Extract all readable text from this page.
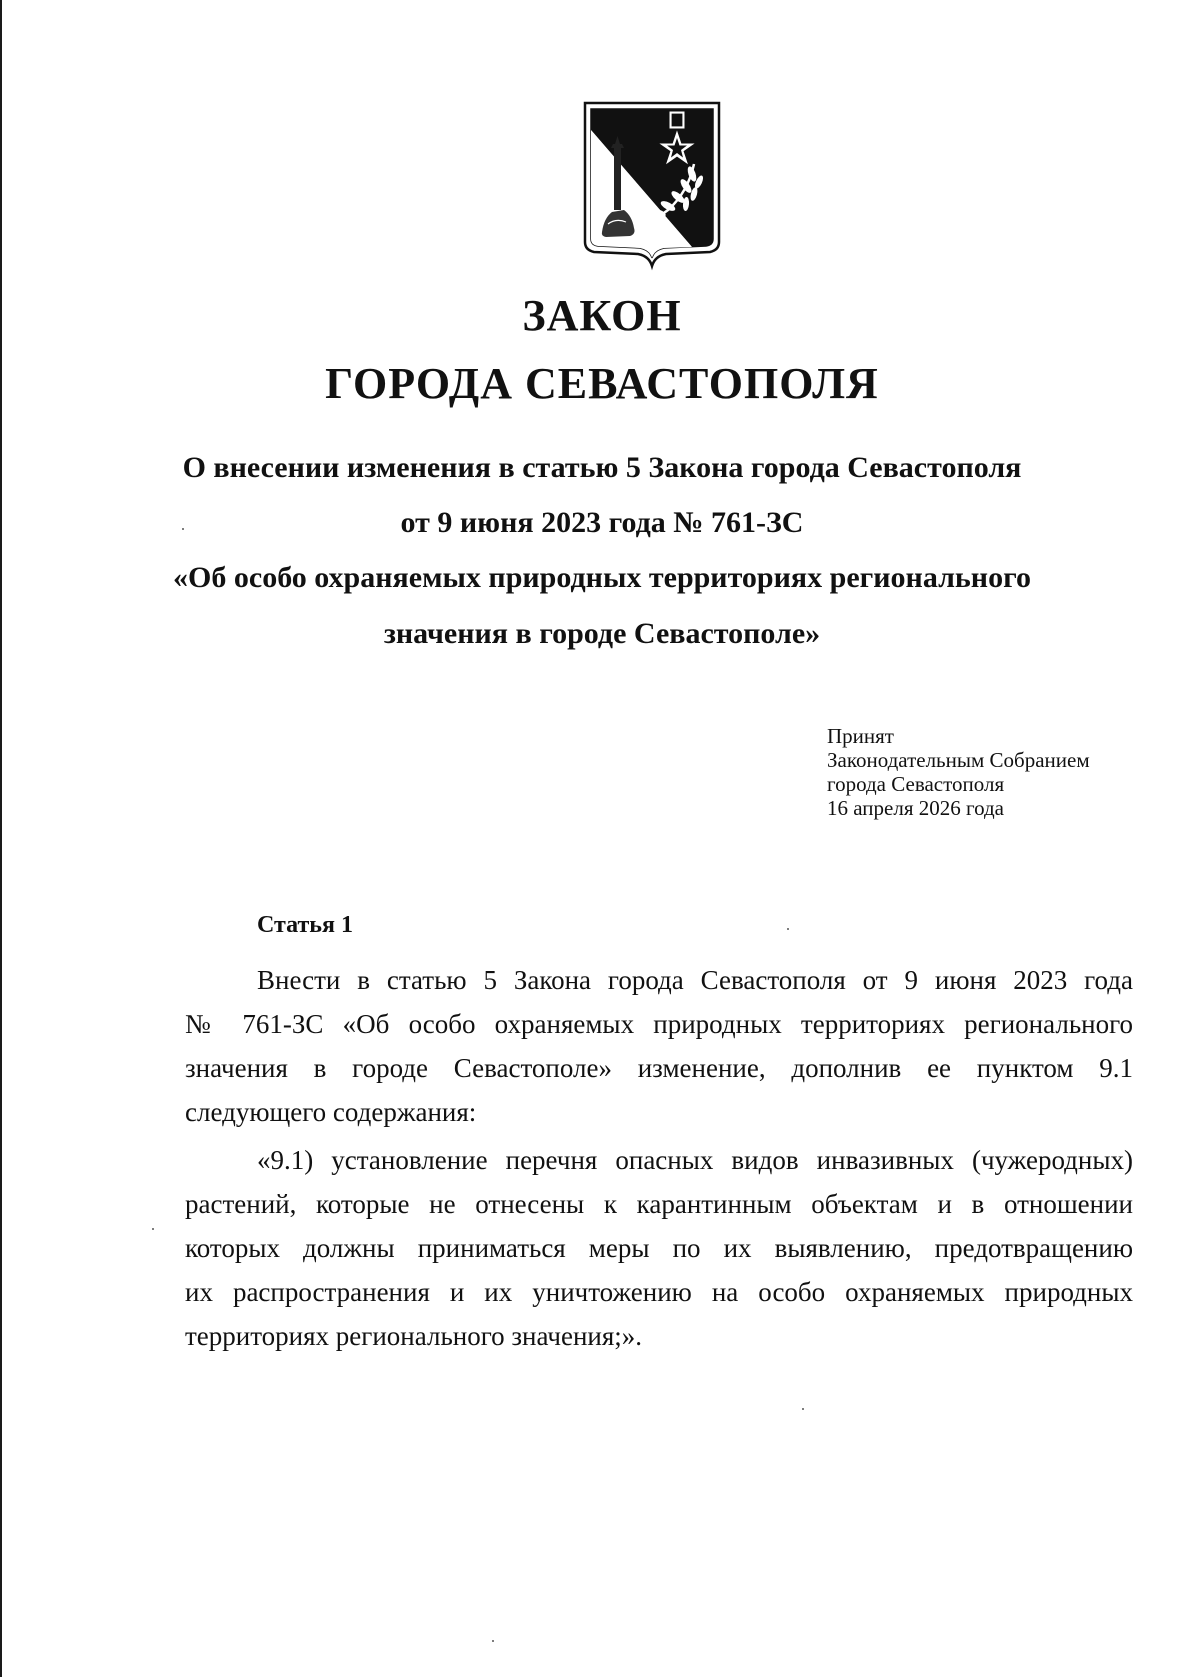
ЗАКОН
ГОРОДА СЕВАСТОПОЛЯ
О внесении изменения в статью 5 Закона города Севастополя
от 9 июня 2023 года № 761-ЗС
«Об особо охраняемых природных территориях регионального
значения в городе Севастополе»
Принят
Законодательным Собранием
города Севастополя
16 апреля 2026 года
Статья 1
Внести в статью 5 Закона города Севастополя от 9 июня 2023 года
№ 761-ЗС «Об особо охраняемых природных территориях регионального
значения в городе Севастополе» изменение, дополнив ее пунктом 9.1
следующего содержания:
«9.1) установление перечня опасных видов инвазивных (чужеродных)
растений, которые не отнесены к карантинным объектам и в отношении
которых должны приниматься меры по их выявлению, предотвращению
их распространения и их уничтожению на особо охраняемых природных
территориях регионального значения;».
